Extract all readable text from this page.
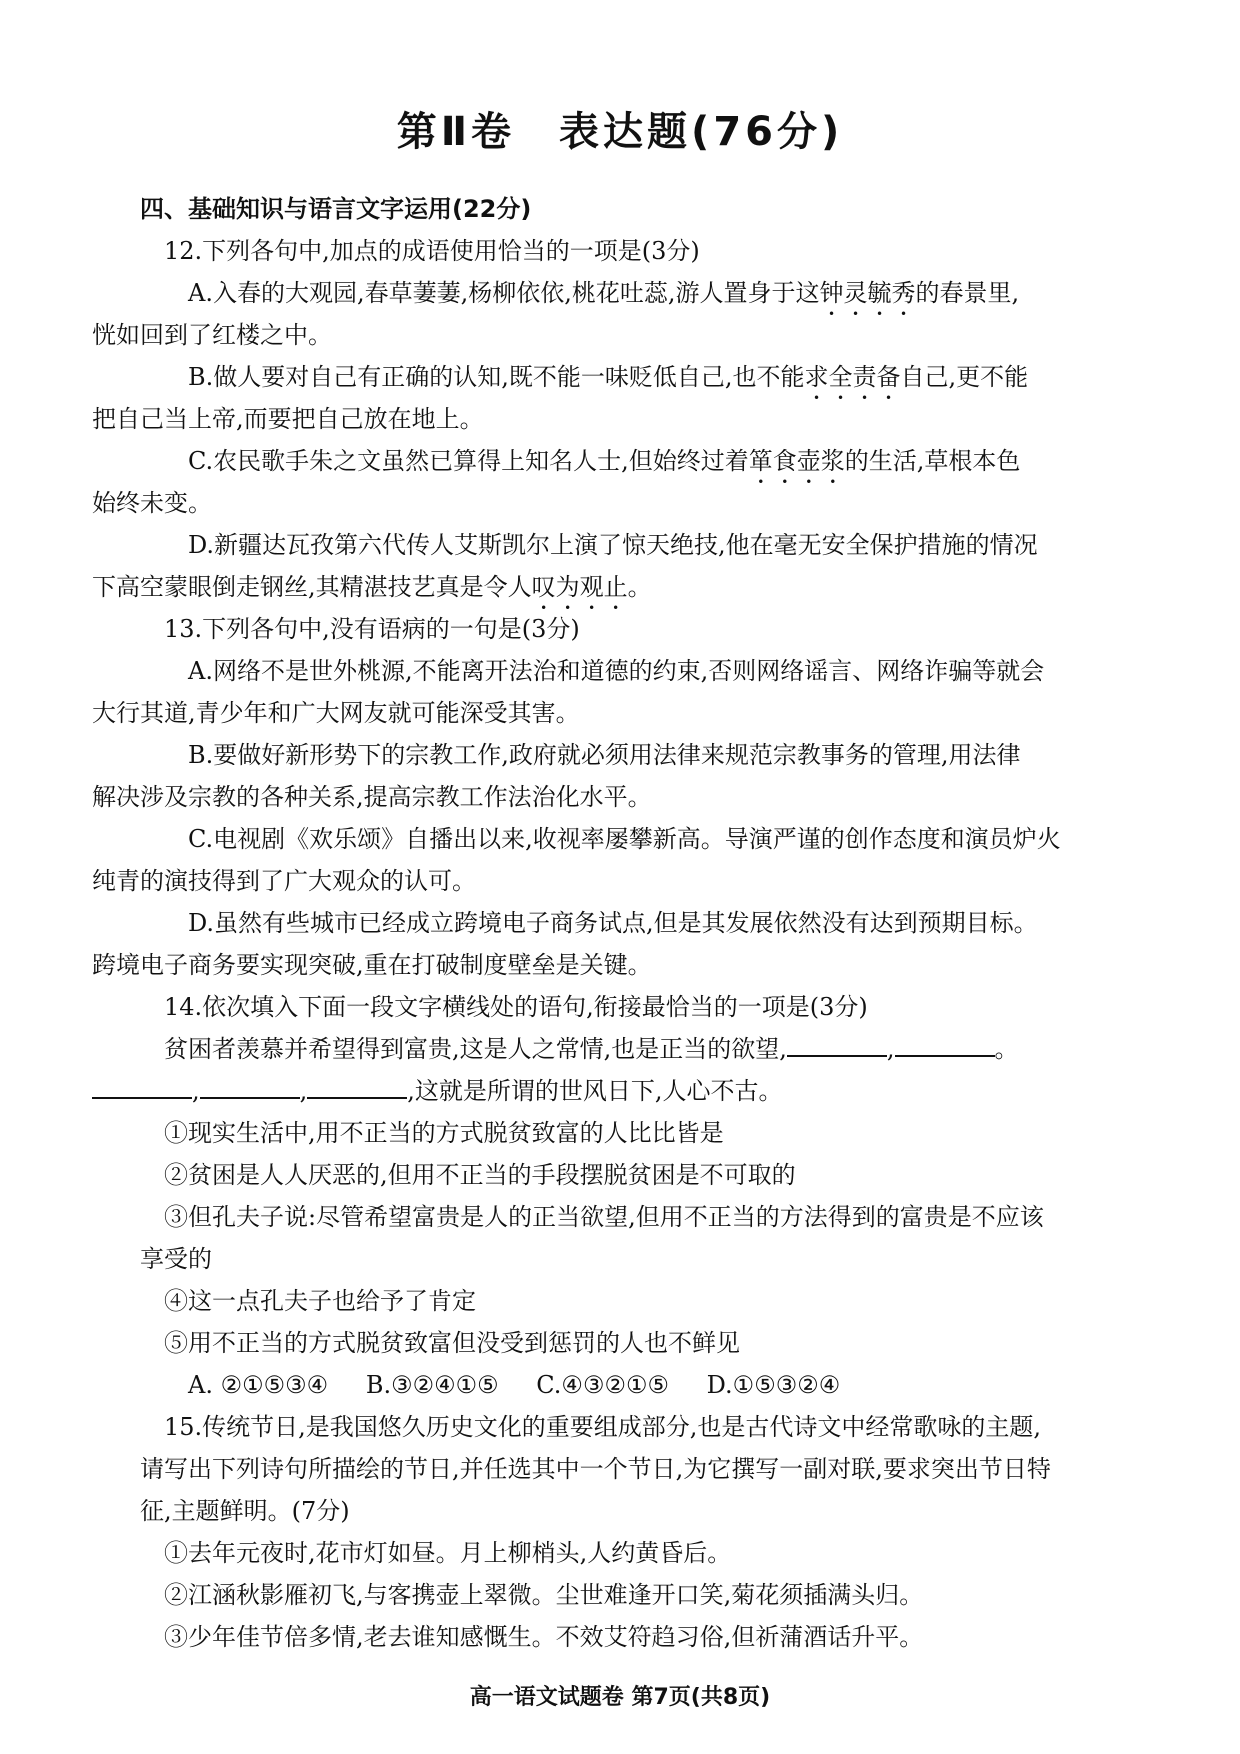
第Ⅱ卷　表达题(76分)
四、基础知识与语言文字运用(22分)
12.下列各句中,加点的成语使用恰当的一项是(3分)
A.入春的大观园,春草萋萋,杨柳依依,桃花吐蕊,游人置身于这钟灵毓秀的春景里,
恍如回到了红楼之中。
B.做人要对自己有正确的认知,既不能一味贬低自己,也不能求全责备自己,更不能
把自己当上帝,而要把自己放在地上。
C.农民歌手朱之文虽然已算得上知名人士,但始终过着箪食壶浆的生活,草根本色
始终未变。
D.新疆达瓦孜第六代传人艾斯凯尔上演了惊天绝技,他在毫无安全保护措施的情况
下高空蒙眼倒走钢丝,其精湛技艺真是令人叹为观止。
13.下列各句中,没有语病的一句是(3分)
A.网络不是世外桃源,不能离开法治和道德的约束,否则网络谣言、网络诈骗等就会
大行其道,青少年和广大网友就可能深受其害。
B.要做好新形势下的宗教工作,政府就必须用法律来规范宗教事务的管理,用法律
解决涉及宗教的各种关系,提高宗教工作法治化水平。
C.电视剧《欢乐颂》自播出以来,收视率屡攀新高。导演严谨的创作态度和演员炉火
纯青的演技得到了广大观众的认可。
D.虽然有些城市已经成立跨境电子商务试点,但是其发展依然没有达到预期目标。
跨境电子商务要实现突破,重在打破制度壁垒是关键。
14.依次填入下面一段文字横线处的语句,衔接最恰当的一项是(3分)
贫困者羡慕并希望得到富贵,这是人之常情,也是正当的欲望,	,	。
,	,	,这就是所谓的世风日下,人心不古。
①现实生活中,用不正当的方式脱贫致富的人比比皆是
②贫困是人人厌恶的,但用不正当的手段摆脱贫困是不可取的
③但孔夫子说:尽管希望富贵是人的正当欲望,但用不正当的方法得到的富贵是不应该
享受的
④这一点孔夫子也给予了肯定
⑤用不正当的方式脱贫致富但没受到惩罚的人也不鲜见
A. ②①⑤③④ B.③②④①⑤ C.④③②①⑤ D.①⑤③②④
15.传统节日,是我国悠久历史文化的重要组成部分,也是古代诗文中经常歌咏的主题,
请写出下列诗句所描绘的节日,并任选其中一个节日,为它撰写一副对联,要求突出节日特
征,主题鲜明。(7分)
①去年元夜时,花市灯如昼。月上柳梢头,人约黄昏后。
②江涵秋影雁初飞,与客携壶上翠微。尘世难逢开口笑,菊花须插满头归。
③少年佳节倍多情,老去谁知感慨生。不效艾符趋习俗,但祈蒲酒话升平。
高一语文试题卷 第7页(共8页)
